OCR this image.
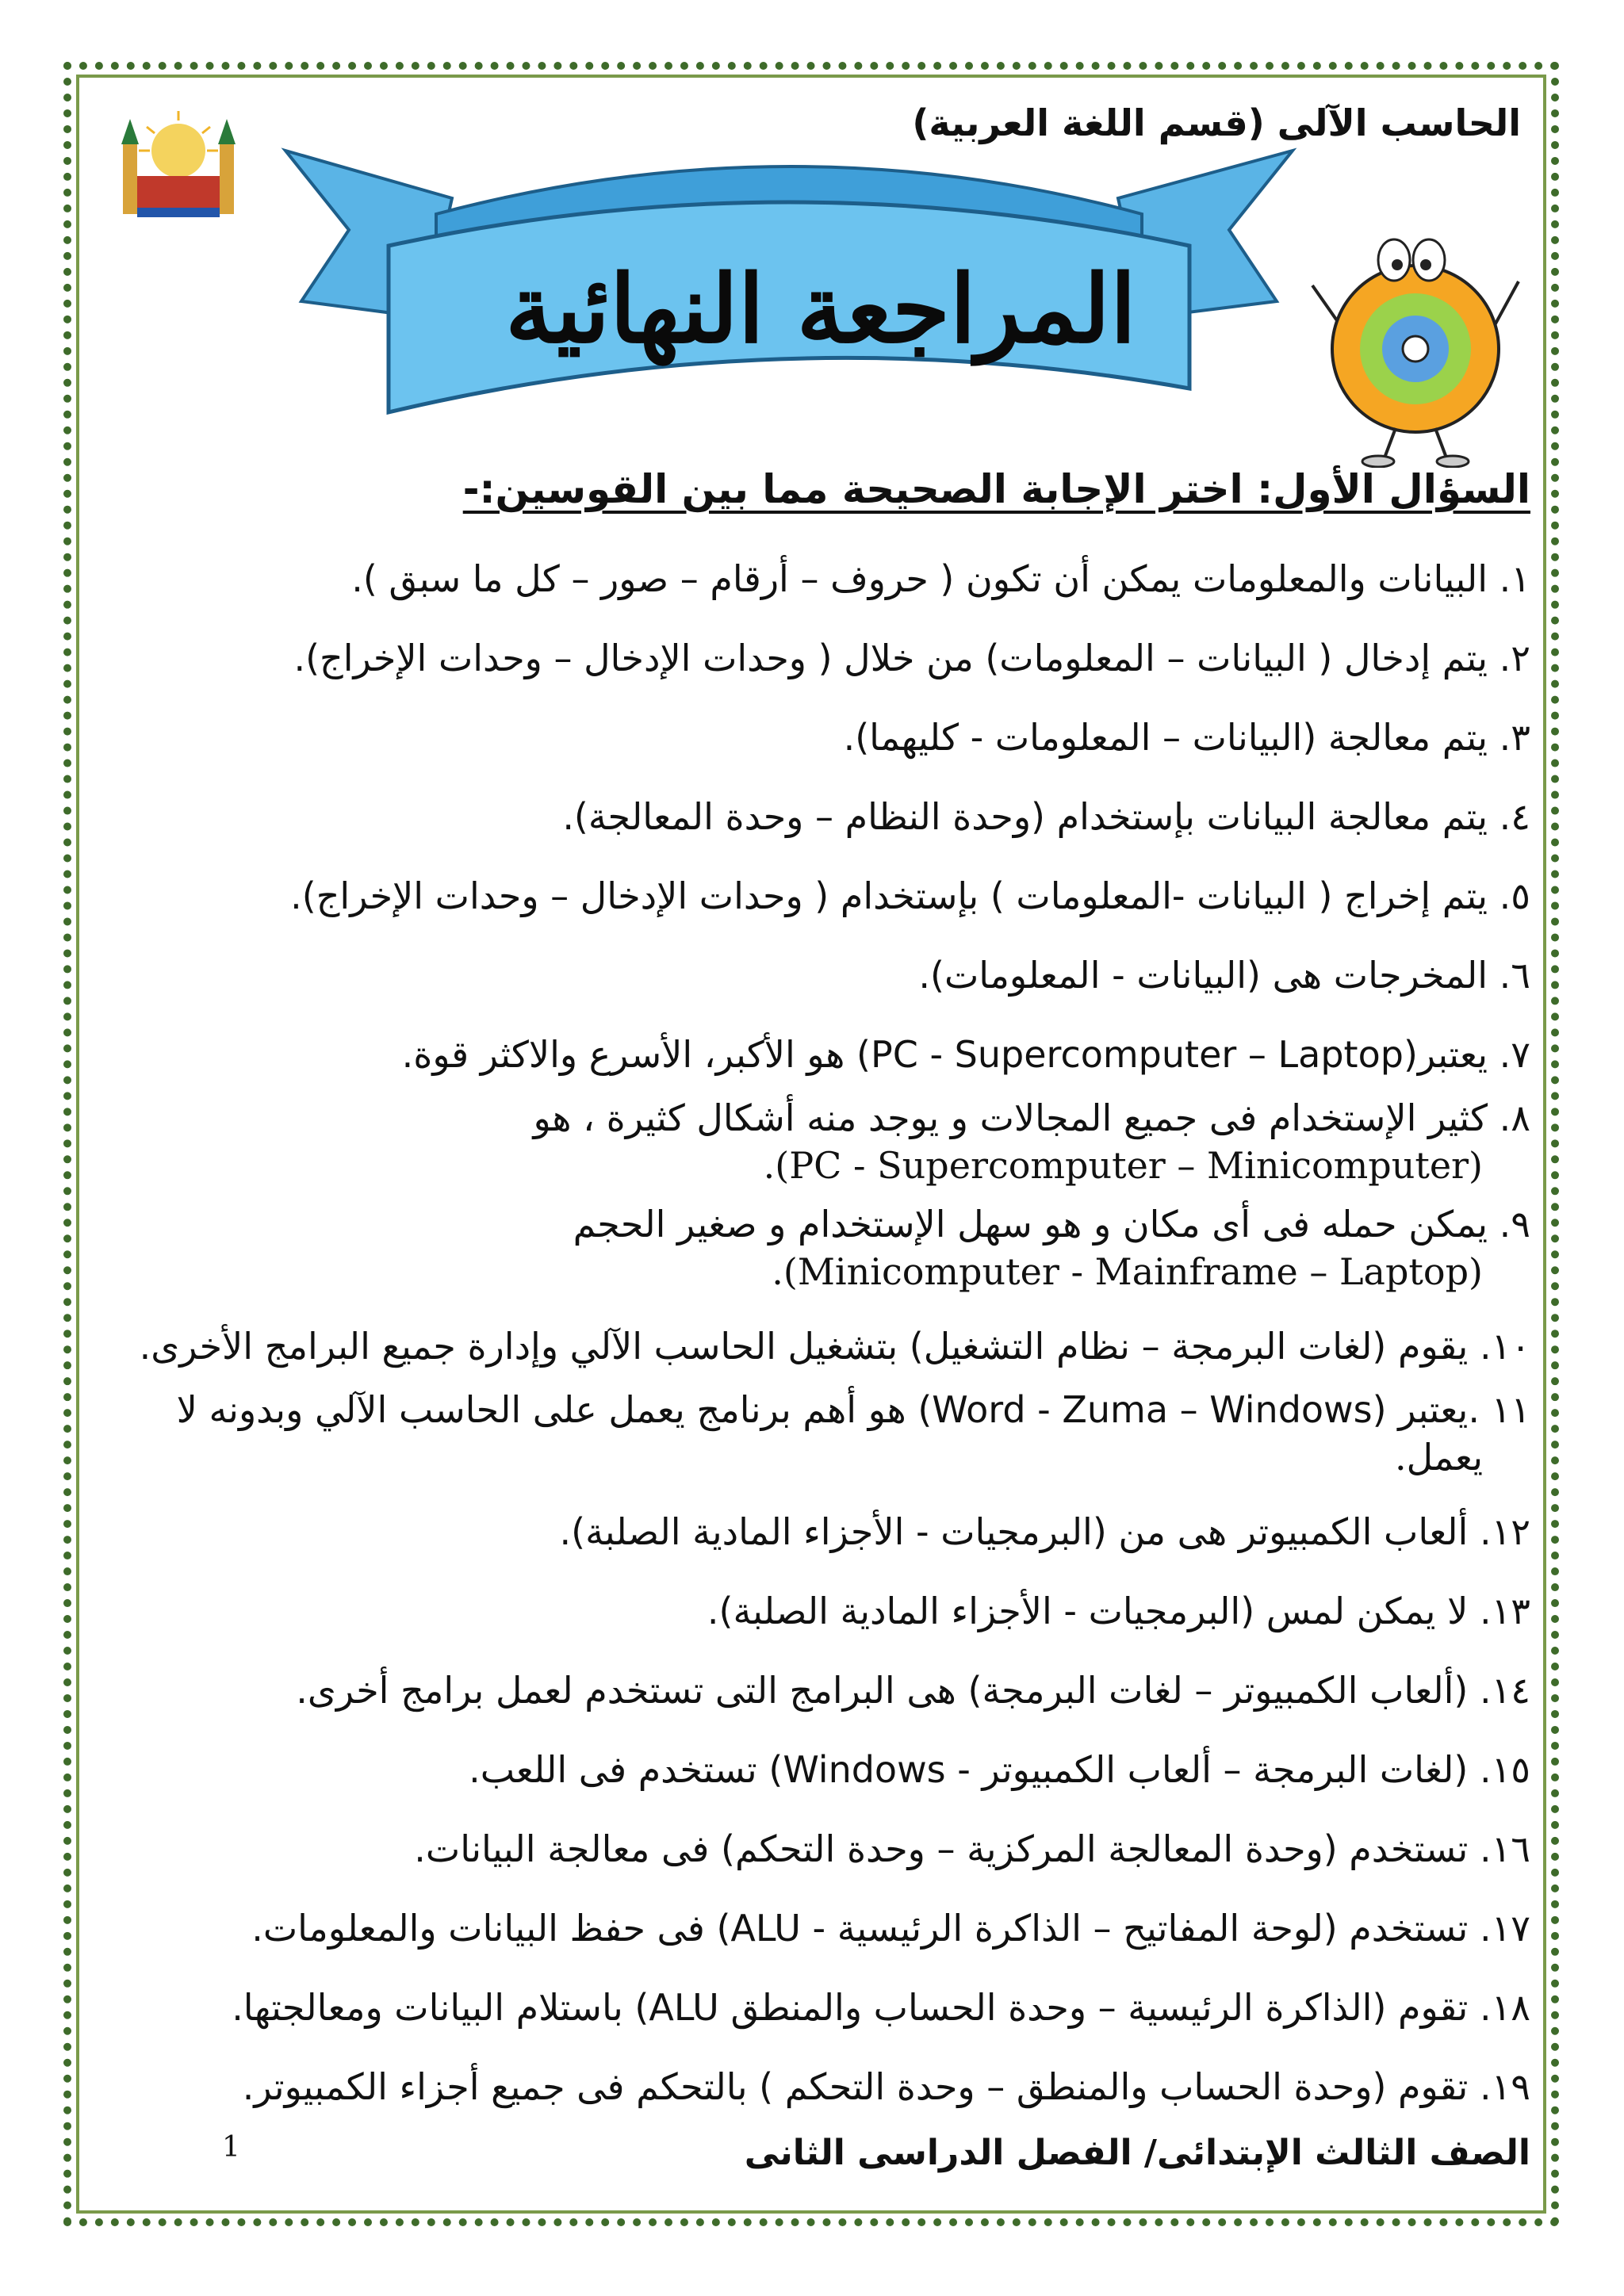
الحاسب الآلى (قسم اللغة العربية)
المراجعة النهائية
السؤال الأول: اختر الإجابة الصحيحة مما بين القوسين:-
١. البيانات والمعلومات يمكن أن تكون ( حروف – أرقام – صور – كل ما سبق ).
٢. يتم إدخال ( البيانات – المعلومات) من خلال ( وحدات الإدخال – وحدات الإخراج).
٣. يتم معالجة (البيانات – المعلومات - كليهما).
٤. يتم معالجة البيانات بإستخدام (وحدة النظام – وحدة المعالجة).
٥. يتم إخراج ( البيانات -المعلومات ) بإستخدام ( وحدات الإدخال – وحدات الإخراج).
٦. المخرجات هى (البيانات - المعلومات).
٧. يعتبر(PC - Supercomputer – Laptop) هو الأكبر، الأسرع والاكثر قوة.
٨. كثير الإستخدام فى جميع المجالات و يوجد منه أشكال كثيرة ، هو
(PC - Supercomputer – Minicomputer).
٩. يمكن حمله فى أى مكان و هو سهل الإستخدام و صغير الحجم
(Minicomputer - Mainframe – Laptop).
١٠. يقوم (لغات البرمجة – نظام التشغيل) بتشغيل الحاسب الآلي وإدارة جميع البرامج الأخرى.
١١ .يعتبر (Word - Zuma – Windows) هو أهم برنامج يعمل على الحاسب الآلي وبدونه لا
يعمل.
١٢. ألعاب الكمبيوتر هى من (البرمجيات - الأجزاء المادية الصلبة).
١٣. لا يمكن لمس (البرمجيات - الأجزاء المادية الصلبة).
١٤. (ألعاب الكمبيوتر – لغات البرمجة) هى البرامج التى تستخدم لعمل برامج أخرى.
١٥. (لغات البرمجة – ألعاب الكمبيوتر - Windows) تستخدم فى اللعب.
١٦. تستخدم (وحدة المعالجة المركزية – وحدة التحكم) فى معالجة البيانات.
١٧. تستخدم (لوحة المفاتيح – الذاكرة الرئيسية - ALU) فى حفظ البيانات والمعلومات.
١٨. تقوم (الذاكرة الرئيسية – وحدة الحساب والمنطق ALU) باستلام البيانات ومعالجتها.
١٩. تقوم (وحدة الحساب والمنطق – وحدة التحكم ) بالتحكم فى جميع أجزاء الكمبيوتر.
الصف الثالث الإبتدائى/ الفصل الدراسى الثانى
1
